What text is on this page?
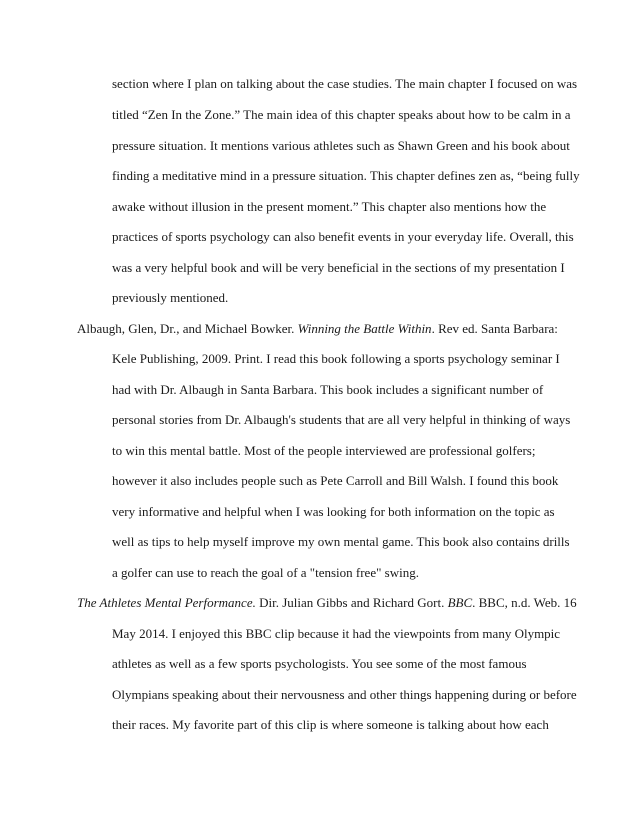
section where I plan on talking about the case studies. The main chapter I focused on was
titled “Zen In the Zone.” The main idea of this chapter speaks about how to be calm in a
pressure situation. It mentions various athletes such as Shawn Green and his book about
finding a meditative mind in a pressure situation. This chapter defines zen as, “being fully
awake without illusion in the present moment.” This chapter also mentions how the
practices of sports psychology can also benefit events in your everyday life. Overall, this
was a very helpful book and will be very beneficial in the sections of my presentation I
previously mentioned.
Albaugh, Glen, Dr., and Michael Bowker. Winning the Battle Within. Rev ed. Santa Barbara:
Kele Publishing, 2009. Print. I read this book following a sports psychology seminar I
had with Dr. Albaugh in Santa Barbara. This book includes a significant number of
personal stories from Dr. Albaugh's students that are all very helpful in thinking of ways
to win this mental battle. Most of the people interviewed are professional golfers;
however it also includes people such as Pete Carroll and Bill Walsh. I found this book
very informative and helpful when I was looking for both information on the topic as
well as tips to help myself improve my own mental game. This book also contains drills
a golfer can use to reach the goal of a "tension free" swing.
The Athletes Mental Performance. Dir. Julian Gibbs and Richard Gort. BBC. BBC, n.d. Web. 16
May 2014. I enjoyed this BBC clip because it had the viewpoints from many Olympic
athletes as well as a few sports psychologists. You see some of the most famous
Olympians speaking about their nervousness and other things happening during or before
their races. My favorite part of this clip is where someone is talking about how each
